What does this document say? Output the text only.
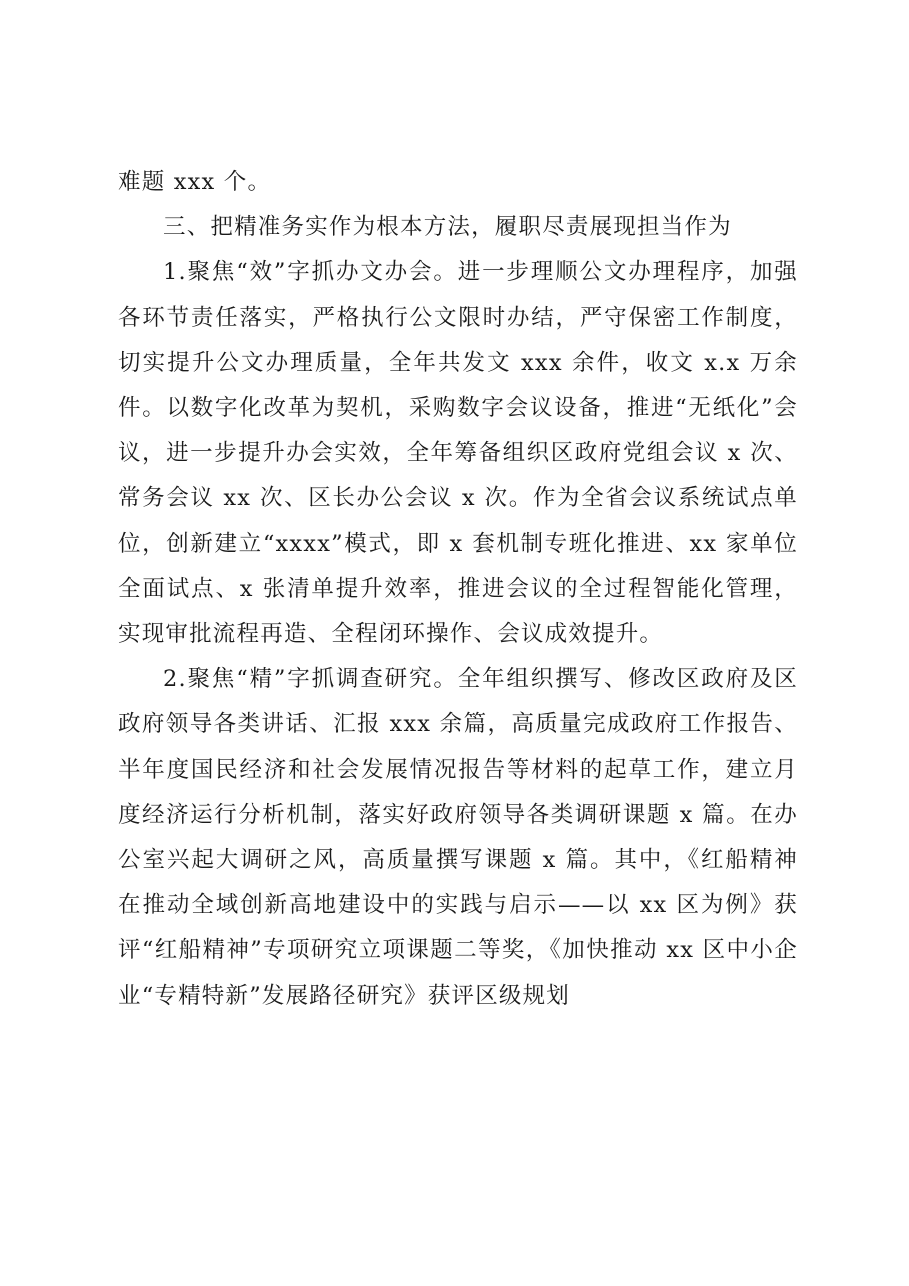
难题 xxx 个。

三、把精准务实作为根本方法，履职尽责展现担当作为

1.聚焦“效”字抓办文办会。进一步理顺公文办理程序，加强各环节责任落实，严格执行公文限时办结，严守保密工作制度，切实提升公文办理质量，全年共发文 xxx 余件，收文 x.x 万余件。以数字化改革为契机，采购数字会议设备，推进“无纸化”会议，进一步提升办会实效，全年筹备组织区政府党组会议 x 次、常务会议 xx 次、区长办公会议 x 次。作为全省会议系统试点单位，创新建立“xxxx”模式，即 x 套机制专班化推进、xx 家单位全面试点、x 张清单提升效率，推进会议的全过程智能化管理，实现审批流程再造、全程闭环操作、会议成效提升。

2.聚焦“精”字抓调查研究。全年组织撰写、修改区政府及区政府领导各类讲话、汇报 xxx 余篇，高质量完成政府工作报告、半年度国民经济和社会发展情况报告等材料的起草工作，建立月度经济运行分析机制，落实好政府领导各类调研课题 x 篇。在办公室兴起大调研之风，高质量撰写课题 x 篇。其中，《红船精神在推动全域创新高地建设中的实践与启示——以 xx 区为例》获评“红船精神”专项研究立项课题二等奖，《加快推动 xx 区中小企业“专精特新”发展路径研究》获评区级规划
